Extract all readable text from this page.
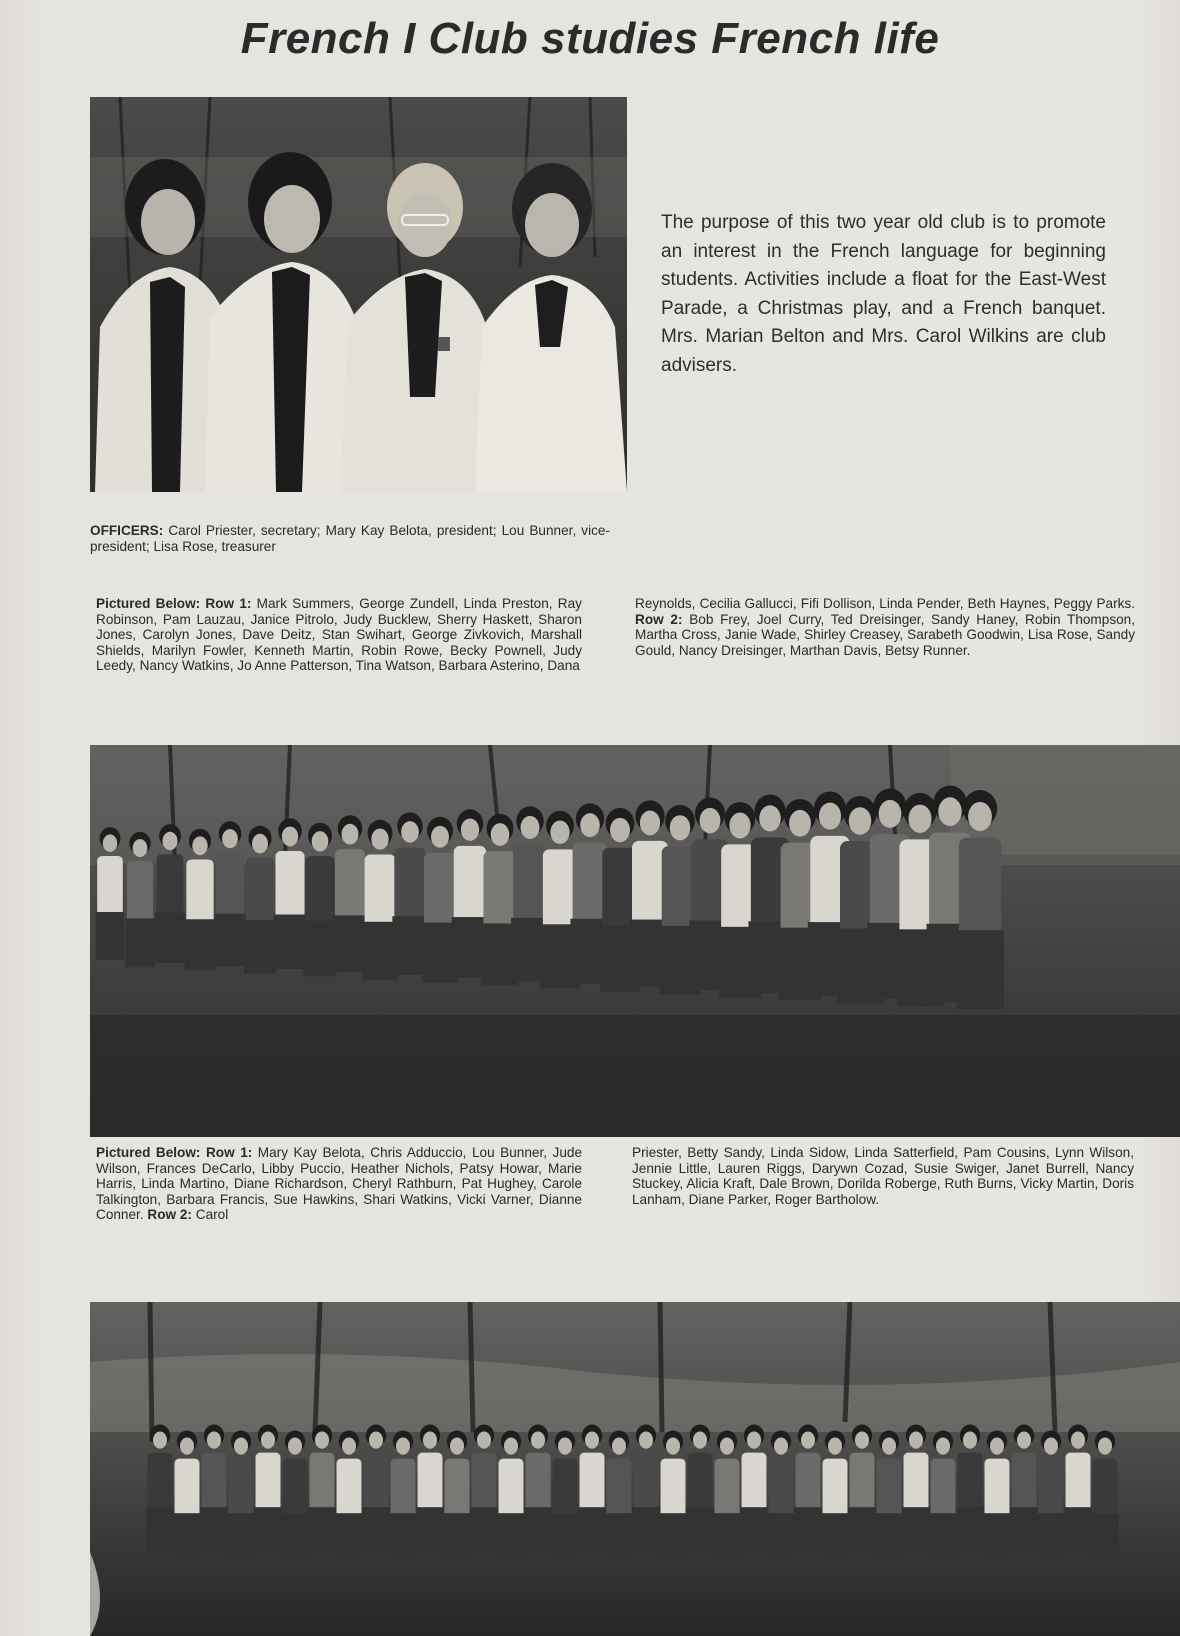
French I Club studies French life
The purpose of this two year old club is to promote an interest in the French language for beginning students. Activities include a float for the East-West Parade, a Christmas play, and a French banquet. Mrs. Marian Belton and Mrs. Carol Wilkins are club advisers.
OFFICERS: Carol Priester, secretary; Mary Kay Belota, president; Lou Bunner, vice-president; Lisa Rose, treasurer
Pictured Below: Row 1: Mark Summers, George Zundell, Linda Preston, Ray Robinson, Pam Lauzau, Janice Pitrolo, Judy Bucklew, Sherry Haskett, Sharon Jones, Carolyn Jones, Dave Deitz, Stan Swihart, George Zivkovich, Marshall Shields, Marilyn Fowler, Kenneth Martin, Robin Rowe, Becky Pownell, Judy Leedy, Nancy Watkins, Jo Anne Patterson, Tina Watson, Barbara Asterino, Dana
Reynolds, Cecilia Gallucci, Fifi Dollison, Linda Pender, Beth Haynes, Peggy Parks. Row 2: Bob Frey, Joel Curry, Ted Dreisinger, Sandy Haney, Robin Thompson, Martha Cross, Janie Wade, Shirley Creasey, Sarabeth Goodwin, Lisa Rose, Sandy Gould, Nancy Dreisinger, Marthan Davis, Betsy Runner.
Pictured Below: Row 1: Mary Kay Belota, Chris Adduccio, Lou Bunner, Jude Wilson, Frances DeCarlo, Libby Puccio, Heather Nichols, Patsy Howar, Marie Harris, Linda Martino, Diane Richardson, Cheryl Rathburn, Pat Hughey, Carole Talkington, Barbara Francis, Sue Hawkins, Shari Watkins, Vicki Varner, Dianne Conner. Row 2: Carol
Priester, Betty Sandy, Linda Sidow, Linda Satterfield, Pam Cousins, Lynn Wilson, Jennie Little, Lauren Riggs, Darywn Cozad, Susie Swiger, Janet Burrell, Nancy Stuckey, Alicia Kraft, Dale Brown, Dorilda Roberge, Ruth Burns, Vicky Martin, Doris Lanham, Diane Parker, Roger Bartholow.
